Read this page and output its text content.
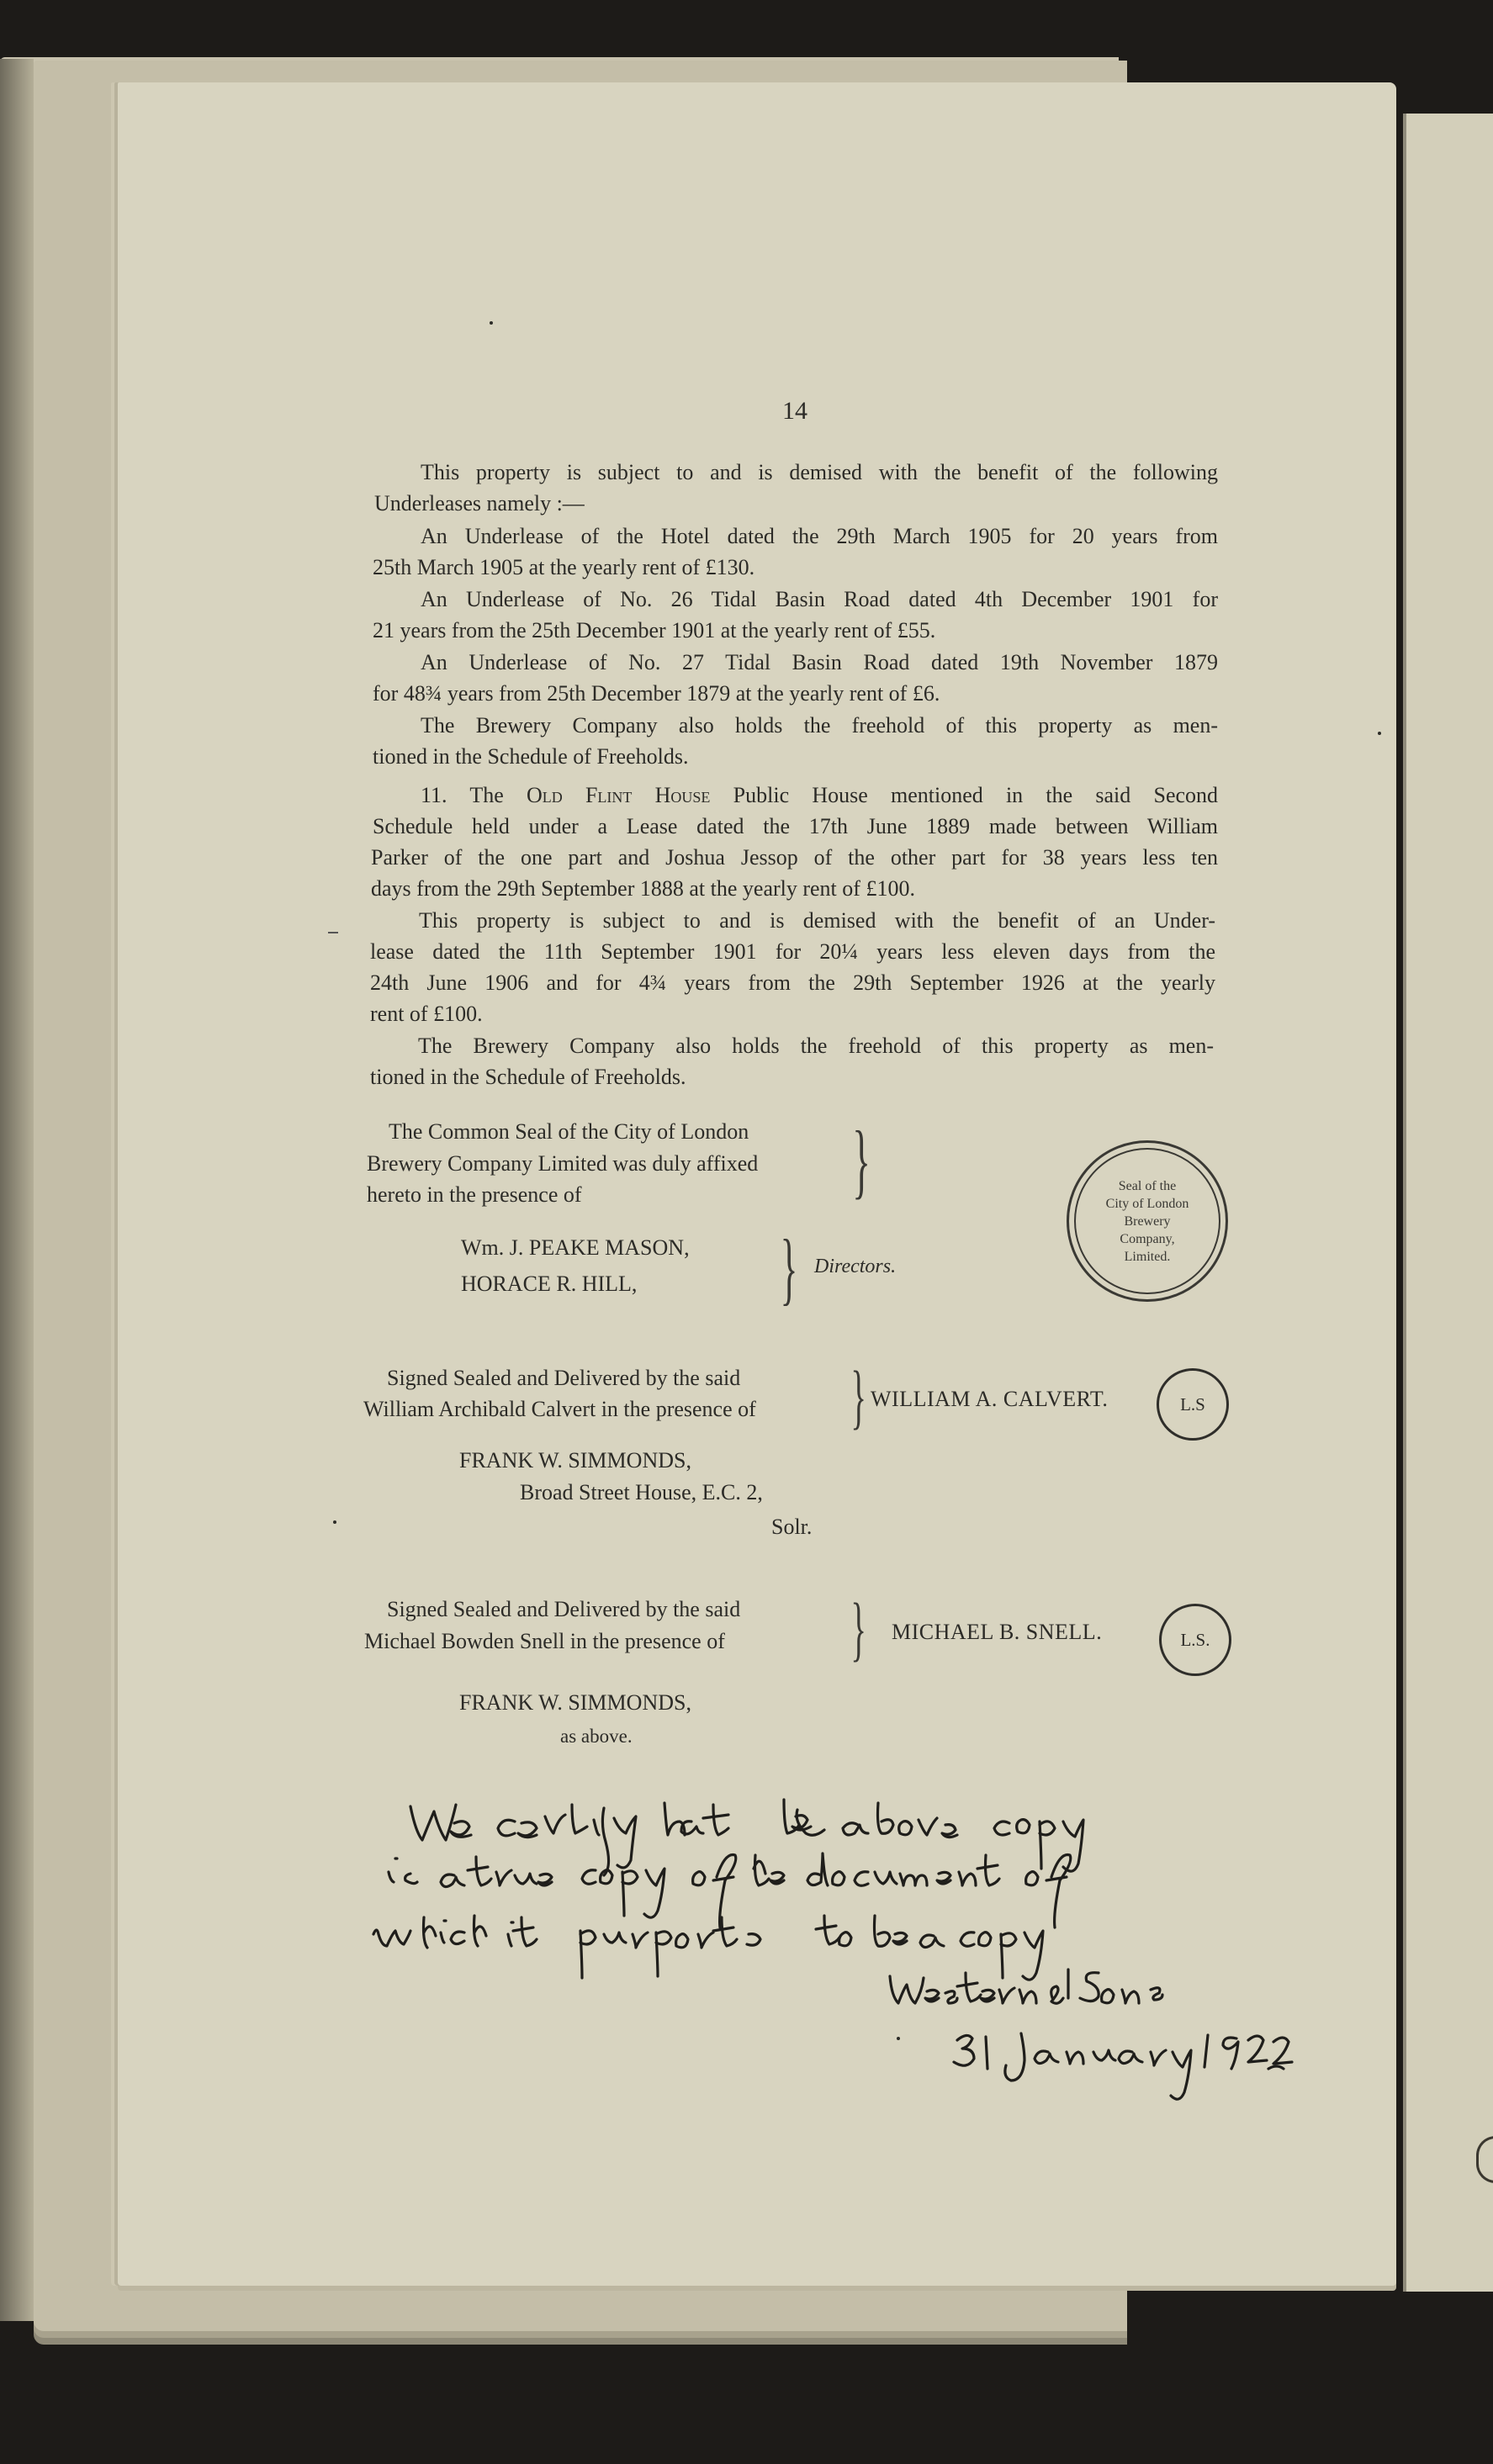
14
This property is subject to and is demised with the benefit of the following
Underleases namely :—
An Underlease of the Hotel dated the 29th March 1905 for 20 years from
25th March 1905 at the yearly rent of £130.
An Underlease of No. 26 Tidal Basin Road dated 4th December 1901 for
21 years from the 25th December 1901 at the yearly rent of £55.
An Underlease of No. 27 Tidal Basin Road dated 19th November 1879
for 48¾ years from 25th December 1879 at the yearly rent of £6.
The Brewery Company also holds the freehold of this property as men-
tioned in the Schedule of Freeholds.
11. The Old Flint House Public House mentioned in the said Second
Schedule held under a Lease dated the 17th June 1889 made between William
Parker of the one part and Joshua Jessop of the other part for 38 years less ten
days from the 29th September 1888 at the yearly rent of £100.
This property is subject to and is demised with the benefit of an Under-
lease dated the 11th September 1901 for 20¼ years less eleven days from the
24th June 1906 and for 4¾ years from the 29th September 1926 at the yearly
rent of £100.
The Brewery Company also holds the freehold of this property as men-
tioned in the Schedule of Freeholds.
The Common Seal of the City of London
Brewery Company Limited was duly affixed
hereto in the presence of	}
Wm. J. PEAKE MASON,
HORACE R. HILL,	} Directors.
Seal of the
City of London
Brewery
Company,
Limited.
Signed Sealed and Delivered by the said
William Archibald Calvert in the presence of	} WILLIAM A. CALVERT.	L.S
FRANK W. SIMMONDS,
Broad Street House, E.C. 2,
Solr.
Signed Sealed and Delivered by the said
Michael Bowden Snell in the presence of	} MICHAEL B. SNELL.	L.S.
FRANK W. SIMMONDS,
as above.
